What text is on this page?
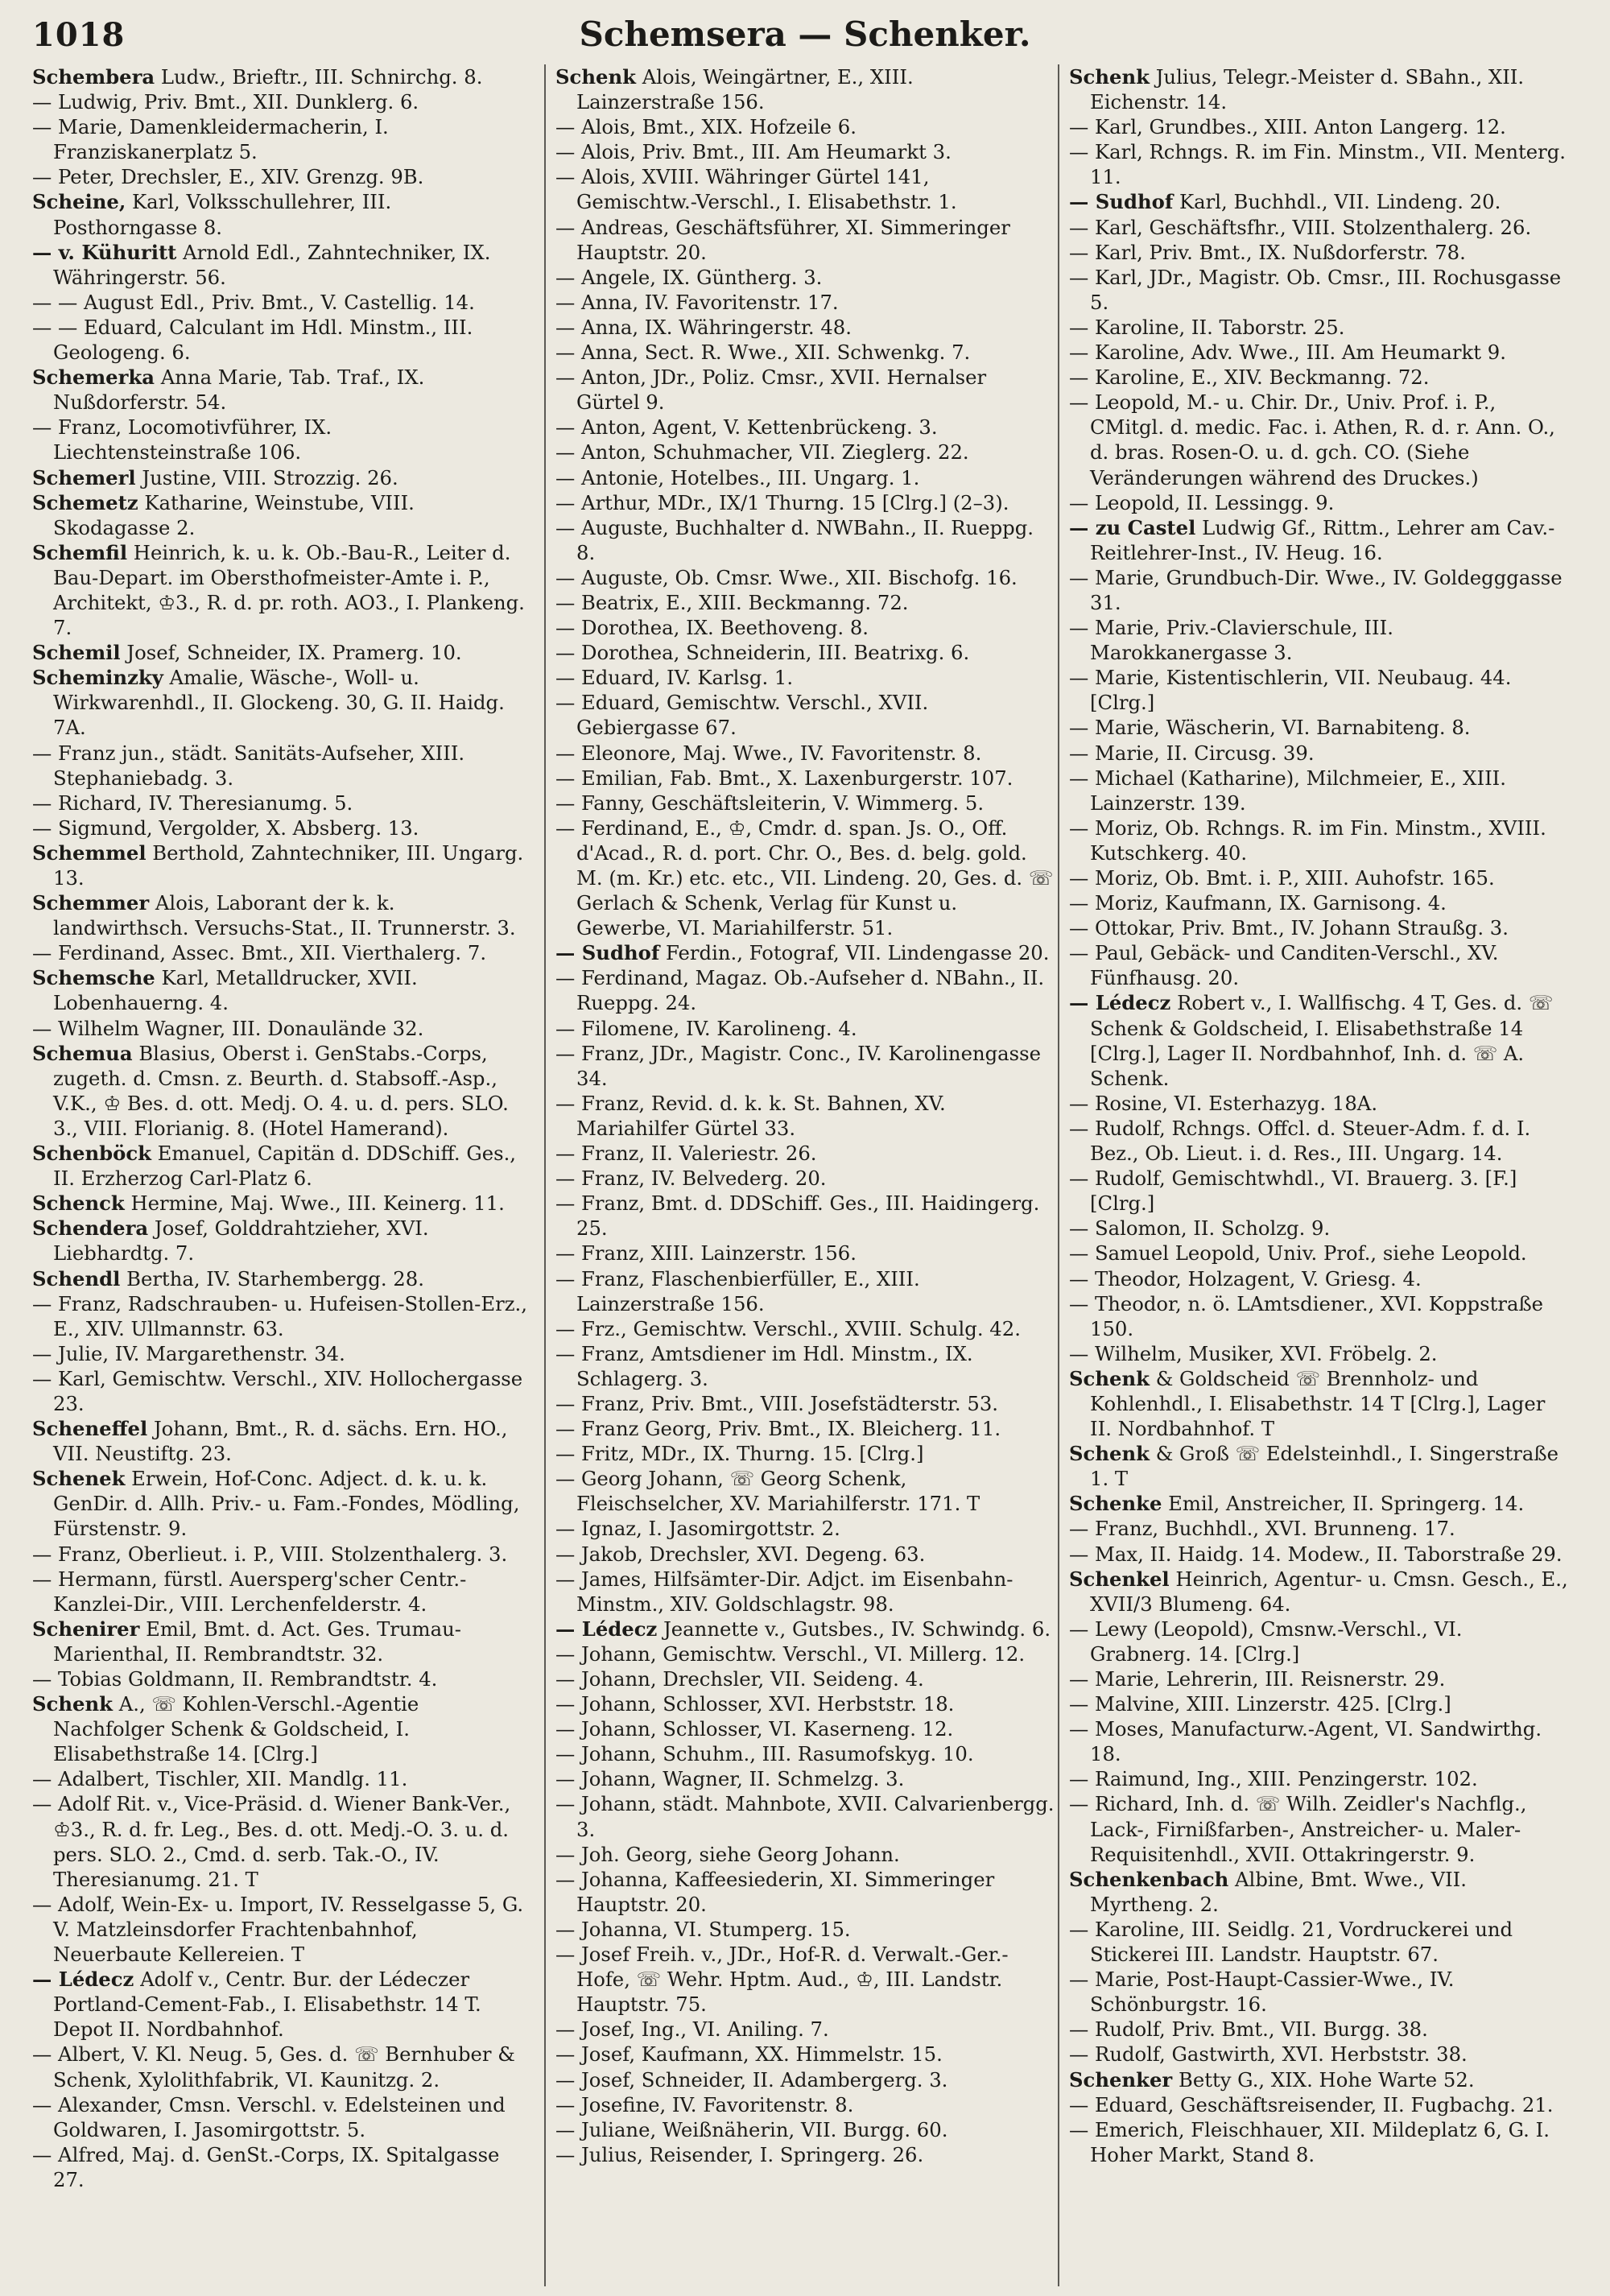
1018	Schemsera — Schenker.

Schembera Ludw., Brieftr., III. Schnirchg. 8.

— Ludwig, Priv. Bmt., XII. Dunklerg. 6.

— Marie, Damenkleidermacherin, I. Franziskanerplatz 5.

— Peter, Drechsler, E., XIV. Grenzg. 9B.

Scheine, Karl, Volksschullehrer, III. Posthorngasse 8.

— v. Kühuritt Arnold Edl., Zahntechniker, IX. Währingerstr. 56.

— — August Edl., Priv. Bmt., V. Castellig. 14.

— — Eduard, Calculant im Hdl. Minstm., III. Geologeng. 6.

Schemerka Anna Marie, Tab. Traf., IX. Nußdorferstr. 54.

— Franz, Locomotivführer, IX. Liechtensteinstraße 106.

Schemerl Justine, VIII. Strozzig. 26.

Schemetz Katharine, Weinstube, VIII. Skodagasse 2.

Schemfil Heinrich, k. u. k. Ob.-Bau-R., Leiter d. Bau-Depart. im Obersthofmeister-Amte i. P., Architekt, ♔3., R. d. pr. roth. AO3., I. Plankeng. 7.

Schemil Josef, Schneider, IX. Pramerg. 10.

Scheminzky Amalie, Wäsche-, Woll- u. Wirkwarenhdl., II. Glockeng. 30, G. II. Haidg. 7A.

— Franz jun., städt. Sanitäts-Aufseher, XIII. Stephaniebadg. 3.

— Richard, IV. Theresianumg. 5.

— Sigmund, Vergolder, X. Absberg. 13.

Schemmel Berthold, Zahntechniker, III. Ungarg. 13.

Schemmer Alois, Laborant der k. k. landwirthsch. Versuchs-Stat., II. Trunnerstr. 3.

— Ferdinand, Assec. Bmt., XII. Vierthalerg. 7.

Schemsche Karl, Metalldrucker, XVII. Lobenhauerng. 4.

— Wilhelm Wagner, III. Donaulände 32.

Schemua Blasius, Oberst i. GenStabs.-Corps, zugeth. d. Cmsn. z. Beurth. d. Stabsoff.-Asp., V.K., ♔ Bes. d. ott. Medj. O. 4. u. d. pers. SLO. 3., VIII. Florianig. 8. (Hotel Hamerand).

Schenböck Emanuel, Capitän d. DDSchiff. Ges., II. Erzherzog Carl-Platz 6.

Schenck Hermine, Maj. Wwe., III. Keinerg. 11.

Schendera Josef, Golddrahtzieher, XVI. Liebhardtg. 7.

Schendl Bertha, IV. Starhembergg. 28.

— Franz, Radschrauben- u. Hufeisen-Stollen-Erz., E., XIV. Ullmannstr. 63.

— Julie, IV. Margarethenstr. 34.

— Karl, Gemischtw. Verschl., XIV. Hollochergasse 23.

Scheneffel Johann, Bmt., R. d. sächs. Ern. HO., VII. Neustiftg. 23.

Schenek Erwein, Hof-Conc. Adject. d. k. u. k. GenDir. d. Allh. Priv.- u. Fam.-Fondes, Mödling, Fürstenstr. 9.

— Franz, Oberlieut. i. P., VIII. Stolzenthalerg. 3.

— Hermann, fürstl. Auersperg'scher Centr.-Kanzlei-Dir., VIII. Lerchenfelderstr. 4.

Schenirer Emil, Bmt. d. Act. Ges. Trumau-Marienthal, II. Rembrandtstr. 32.

— Tobias Goldmann, II. Rembrandtstr. 4.

Schenk A., ☏ Kohlen-Verschl.-Agentie Nachfolger Schenk & Goldscheid, I. Elisabethstraße 14. [Clrg.]

— Adalbert, Tischler, XII. Mandlg. 11.

— Adolf Rit. v., Vice-Präsid. d. Wiener Bank-Ver., ♔3., R. d. fr. Leg., Bes. d. ott. Medj.-O. 3. u. d. pers. SLO. 2., Cmd. d. serb. Tak.-O., IV. Theresianumg. 21. T

— Adolf, Wein-Ex- u. Import, IV. Resselgasse 5, G. V. Matzleinsdorfer Frachtenbahnhof, Neuerbaute Kellereien. T

— Lédecz Adolf v., Centr. Bur. der Lédeczer Portland-Cement-Fab., I. Elisabethstr. 14 T. Depot II. Nordbahnhof.

— Albert, V. Kl. Neug. 5, Ges. d. ☏ Bernhuber & Schenk, Xylolithfabrik, VI. Kaunitzg. 2.

— Alexander, Cmsn. Verschl. v. Edelsteinen und Goldwaren, I. Jasomirgottstr. 5.

— Alfred, Maj. d. GenSt.-Corps, IX. Spitalgasse 27.

Schenk Alois, Weingärtner, E., XIII. Lainzerstraße 156.

— Alois, Bmt., XIX. Hofzeile 6.

— Alois, Priv. Bmt., III. Am Heumarkt 3.

— Alois, XVIII. Währinger Gürtel 141, Gemischtw.-Verschl., I. Elisabethstr. 1.

— Andreas, Geschäftsführer, XI. Simmeringer Hauptstr. 20.

— Angele, IX. Güntherg. 3.

— Anna, IV. Favoritenstr. 17.

— Anna, IX. Währingerstr. 48.

— Anna, Sect. R. Wwe., XII. Schwenkg. 7.

— Anton, JDr., Poliz. Cmsr., XVII. Hernalser Gürtel 9.

— Anton, Agent, V. Kettenbrückeng. 3.

— Anton, Schuhmacher, VII. Zieglerg. 22.

— Antonie, Hotelbes., III. Ungarg. 1.

— Arthur, MDr., IX/1 Thurng. 15 [Clrg.] (2–3).

— Auguste, Buchhalter d. NWBahn., II. Rueppg. 8.

— Auguste, Ob. Cmsr. Wwe., XII. Bischofg. 16.

— Beatrix, E., XIII. Beckmanng. 72.

— Dorothea, IX. Beethoveng. 8.

— Dorothea, Schneiderin, III. Beatrixg. 6.

— Eduard, IV. Karlsg. 1.

— Eduard, Gemischtw. Verschl., XVII. Gebiergasse 67.

— Eleonore, Maj. Wwe., IV. Favoritenstr. 8.

— Emilian, Fab. Bmt., X. Laxenburgerstr. 107.

— Fanny, Geschäftsleiterin, V. Wimmerg. 5.

— Ferdinand, E., ♔, Cmdr. d. span. Js. O., Off. d'Acad., R. d. port. Chr. O., Bes. d. belg. gold. M. (m. Kr.) etc. etc., VII. Lindeng. 20, Ges. d. ☏ Gerlach & Schenk, Verlag für Kunst u. Gewerbe, VI. Mariahilferstr. 51.

— Sudhof Ferdin., Fotograf, VII. Lindengasse 20.

— Ferdinand, Magaz. Ob.-Aufseher d. NBahn., II. Rueppg. 24.

— Filomene, IV. Karolineng. 4.

— Franz, JDr., Magistr. Conc., IV. Karolinengasse 34.

— Franz, Revid. d. k. k. St. Bahnen, XV. Mariahilfer Gürtel 33.

— Franz, II. Valeriestr. 26.

— Franz, IV. Belvederg. 20.

— Franz, Bmt. d. DDSchiff. Ges., III. Haidingerg. 25.

— Franz, XIII. Lainzerstr. 156.

— Franz, Flaschenbierfüller, E., XIII. Lainzerstraße 156.

— Frz., Gemischtw. Verschl., XVIII. Schulg. 42.

— Franz, Amtsdiener im Hdl. Minstm., IX. Schlagerg. 3.

— Franz, Priv. Bmt., VIII. Josefstädterstr. 53.

— Franz Georg, Priv. Bmt., IX. Bleicherg. 11.

— Fritz, MDr., IX. Thurng. 15. [Clrg.]

— Georg Johann, ☏ Georg Schenk, Fleischselcher, XV. Mariahilferstr. 171. T

— Ignaz, I. Jasomirgottstr. 2.

— Jakob, Drechsler, XVI. Degeng. 63.

— James, Hilfsämter-Dir. Adjct. im Eisenbahn-Minstm., XIV. Goldschlagstr. 98.

— Lédecz Jeannette v., Gutsbes., IV. Schwindg. 6.

— Johann, Gemischtw. Verschl., VI. Millerg. 12.

— Johann, Drechsler, VII. Seideng. 4.

— Johann, Schlosser, XVI. Herbststr. 18.

— Johann, Schlosser, VI. Kaserneng. 12.

— Johann, Schuhm., III. Rasumofskyg. 10.

— Johann, Wagner, II. Schmelzg. 3.

— Johann, städt. Mahnbote, XVII. Calvarienbergg. 3.

— Joh. Georg, siehe Georg Johann.

— Johanna, Kaffeesiederin, XI. Simmeringer Hauptstr. 20.

— Johanna, VI. Stumperg. 15.

— Josef Freih. v., JDr., Hof-R. d. Verwalt.-Ger.-Hofe, ☏ Wehr. Hptm. Aud., ♔, III. Landstr. Hauptstr. 75.

— Josef, Ing., VI. Aniling. 7.

— Josef, Kaufmann, XX. Himmelstr. 15.

— Josef, Schneider, II. Adambergerg. 3.

— Josefine, IV. Favoritenstr. 8.

— Juliane, Weißnäherin, VII. Burgg. 60.

— Julius, Reisender, I. Springerg. 26.

Schenk Julius, Telegr.-Meister d. SBahn., XII. Eichenstr. 14.

— Karl, Grundbes., XIII. Anton Langerg. 12.

— Karl, Rchngs. R. im Fin. Minstm., VII. Menterg. 11.

— Sudhof Karl, Buchhdl., VII. Lindeng. 20.

— Karl, Geschäftsfhr., VIII. Stolzenthalerg. 26.

— Karl, Priv. Bmt., IX. Nußdorferstr. 78.

— Karl, JDr., Magistr. Ob. Cmsr., III. Rochusgasse 5.

— Karoline, II. Taborstr. 25.

— Karoline, Adv. Wwe., III. Am Heumarkt 9.

— Karoline, E., XIV. Beckmanng. 72.

— Leopold, M.- u. Chir. Dr., Univ. Prof. i. P., CMitgl. d. medic. Fac. i. Athen, R. d. r. Ann. O., d. bras. Rosen-O. u. d. gch. CO. (Siehe Veränderungen während des Druckes.)

— Leopold, II. Lessingg. 9.

— zu Castel Ludwig Gf., Rittm., Lehrer am Cav.-Reitlehrer-Inst., IV. Heug. 16.

— Marie, Grundbuch-Dir. Wwe., IV. Goldegggasse 31.

— Marie, Priv.-Clavierschule, III. Marokkanergasse 3.

— Marie, Kistentischlerin, VII. Neubaug. 44. [Clrg.]

— Marie, Wäscherin, VI. Barnabiteng. 8.

— Marie, II. Circusg. 39.

— Michael (Katharine), Milchmeier, E., XIII. Lainzerstr. 139.

— Moriz, Ob. Rchngs. R. im Fin. Minstm., XVIII. Kutschkerg. 40.

— Moriz, Ob. Bmt. i. P., XIII. Auhofstr. 165.

— Moriz, Kaufmann, IX. Garnisong. 4.

— Ottokar, Priv. Bmt., IV. Johann Straußg. 3.

— Paul, Gebäck- und Canditen-Verschl., XV. Fünfhausg. 20.

— Lédecz Robert v., I. Wallfischg. 4 T, Ges. d. ☏ Schenk & Goldscheid, I. Elisabethstraße 14 [Clrg.], Lager II. Nordbahnhof, Inh. d. ☏ A. Schenk.

— Rosine, VI. Esterhazyg. 18A.

— Rudolf, Rchngs. Offcl. d. Steuer-Adm. f. d. I. Bez., Ob. Lieut. i. d. Res., III. Ungarg. 14.

— Rudolf, Gemischtwhdl., VI. Brauerg. 3. [F.] [Clrg.]

— Salomon, II. Scholzg. 9.

— Samuel Leopold, Univ. Prof., siehe Leopold.

— Theodor, Holzagent, V. Griesg. 4.

— Theodor, n. ö. LAmtsdiener., XVI. Koppstraße 150.

— Wilhelm, Musiker, XVI. Fröbelg. 2.

Schenk & Goldscheid ☏ Brennholz- und Kohlenhdl., I. Elisabethstr. 14 T [Clrg.], Lager II. Nordbahnhof. T

Schenk & Groß ☏ Edelsteinhdl., I. Singerstraße 1. T

Schenke Emil, Anstreicher, II. Springerg. 14.

— Franz, Buchhdl., XVI. Brunneng. 17.

— Max, II. Haidg. 14. Modew., II. Taborstraße 29.

Schenkel Heinrich, Agentur- u. Cmsn. Gesch., E., XVII/3 Blumeng. 64.

— Lewy (Leopold), Cmsnw.-Verschl., VI. Grabnerg. 14. [Clrg.]

— Marie, Lehrerin, III. Reisnerstr. 29.

— Malvine, XIII. Linzerstr. 425. [Clrg.]

— Moses, Manufacturw.-Agent, VI. Sandwirthg. 18.

— Raimund, Ing., XIII. Penzingerstr. 102.

— Richard, Inh. d. ☏ Wilh. Zeidler's Nachflg., Lack-, Firnißfarben-, Anstreicher- u. Maler-Requisitenhdl., XVII. Ottakringerstr. 9.

Schenkenbach Albine, Bmt. Wwe., VII. Myrtheng. 2.

— Karoline, III. Seidlg. 21, Vordruckerei und Stickerei III. Landstr. Hauptstr. 67.

— Marie, Post-Haupt-Cassier-Wwe., IV. Schönburgstr. 16.

— Rudolf, Priv. Bmt., VII. Burgg. 38.

— Rudolf, Gastwirth, XVI. Herbststr. 38.

Schenker Betty G., XIX. Hohe Warte 52.

— Eduard, Geschäftsreisender, II. Fugbachg. 21.

— Emerich, Fleischhauer, XII. Mildeplatz 6, G. I. Hoher Markt, Stand 8.
